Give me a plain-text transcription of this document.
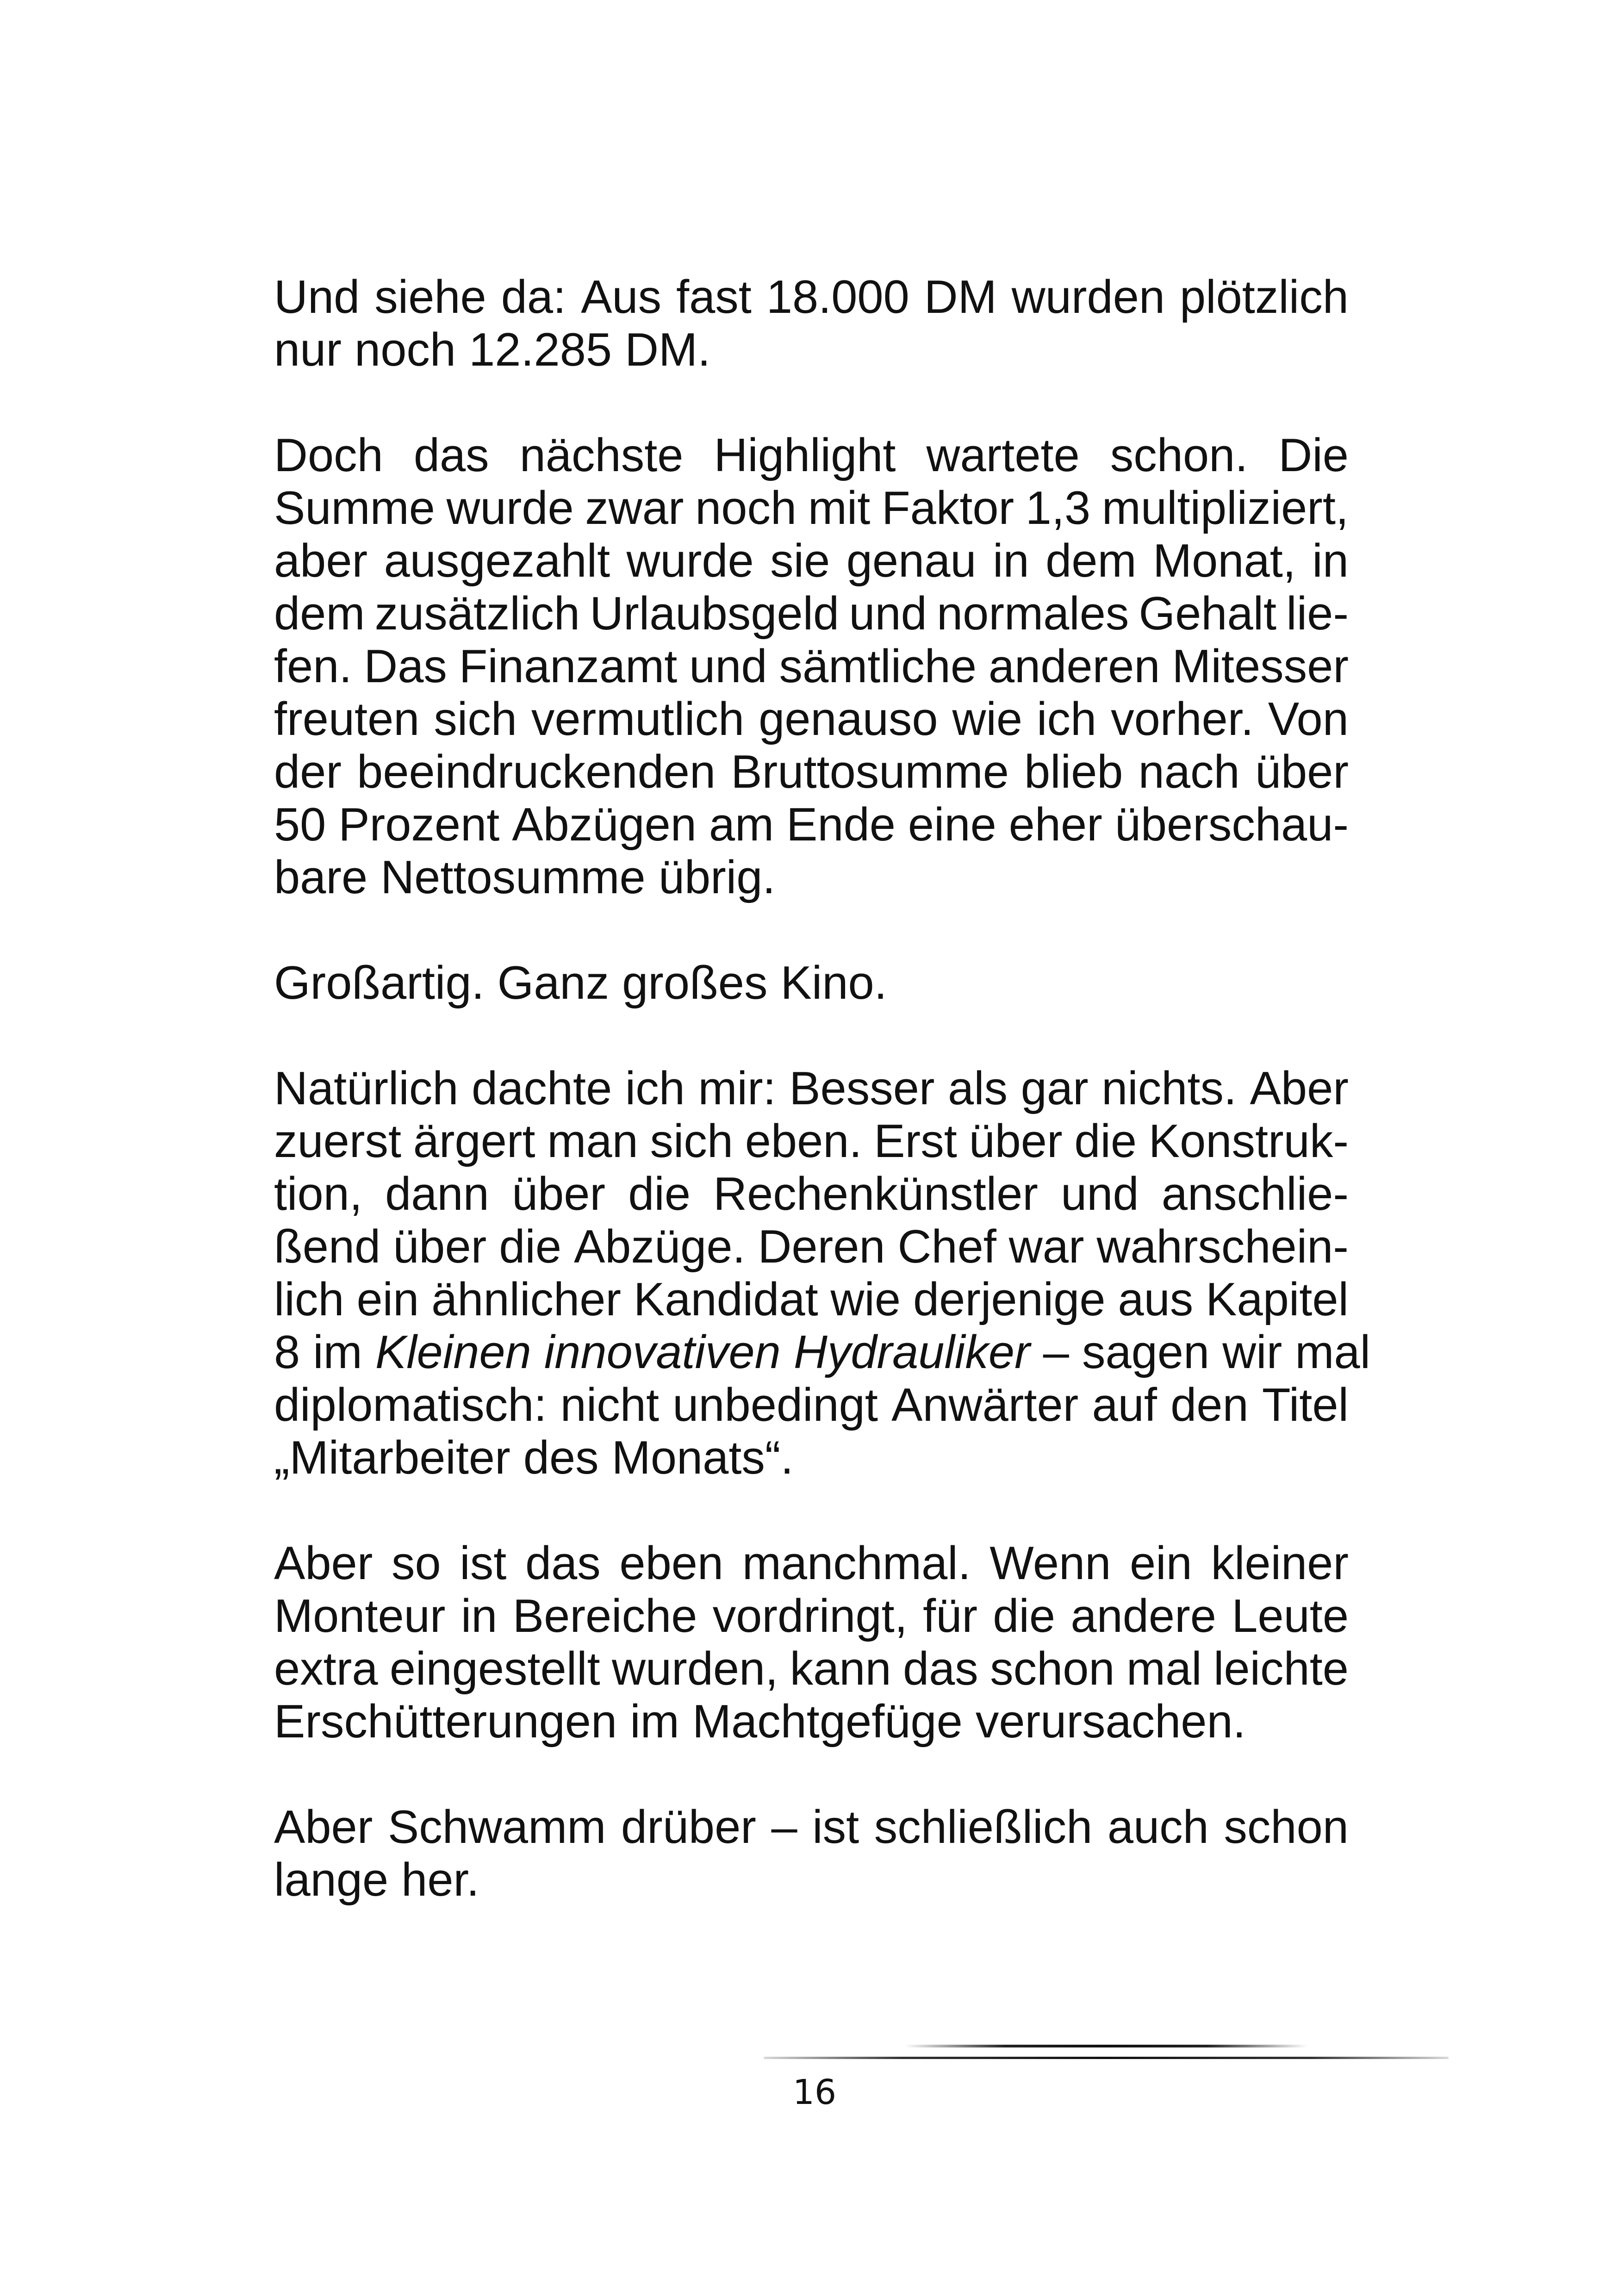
Und siehe da: Aus fast 18.000 DM wurden plötzlich
nur noch 12.285 DM.
Doch das nächste Highlight wartete schon. Die
Summe wurde zwar noch mit Faktor 1,3 multipliziert,
aber ausgezahlt wurde sie genau in dem Monat, in
dem zusätzlich Urlaubsgeld und normales Gehalt lie-
fen. Das Finanzamt und sämtliche anderen Mitesser
freuten sich vermutlich genauso wie ich vorher. Von
der beeindruckenden Bruttosumme blieb nach über
50 Prozent Abzügen am Ende eine eher überschau-
bare Nettosumme übrig.
Großartig. Ganz großes Kino.
Natürlich dachte ich mir: Besser als gar nichts. Aber
zuerst ärgert man sich eben. Erst über die Konstruk-
tion, dann über die Rechenkünstler und anschlie-
ßend über die Abzüge. Deren Chef war wahrschein-
lich ein ähnlicher Kandidat wie derjenige aus Kapitel
8 im Kleinen innovativen Hydrauliker – sagen wir mal
diplomatisch: nicht unbedingt Anwärter auf den Titel
„Mitarbeiter des Monats“.
Aber so ist das eben manchmal. Wenn ein kleiner
Monteur in Bereiche vordringt, für die andere Leute
extra eingestellt wurden, kann das schon mal leichte
Erschütterungen im Machtgefüge verursachen.
Aber Schwamm drüber – ist schließlich auch schon
lange her.
16
